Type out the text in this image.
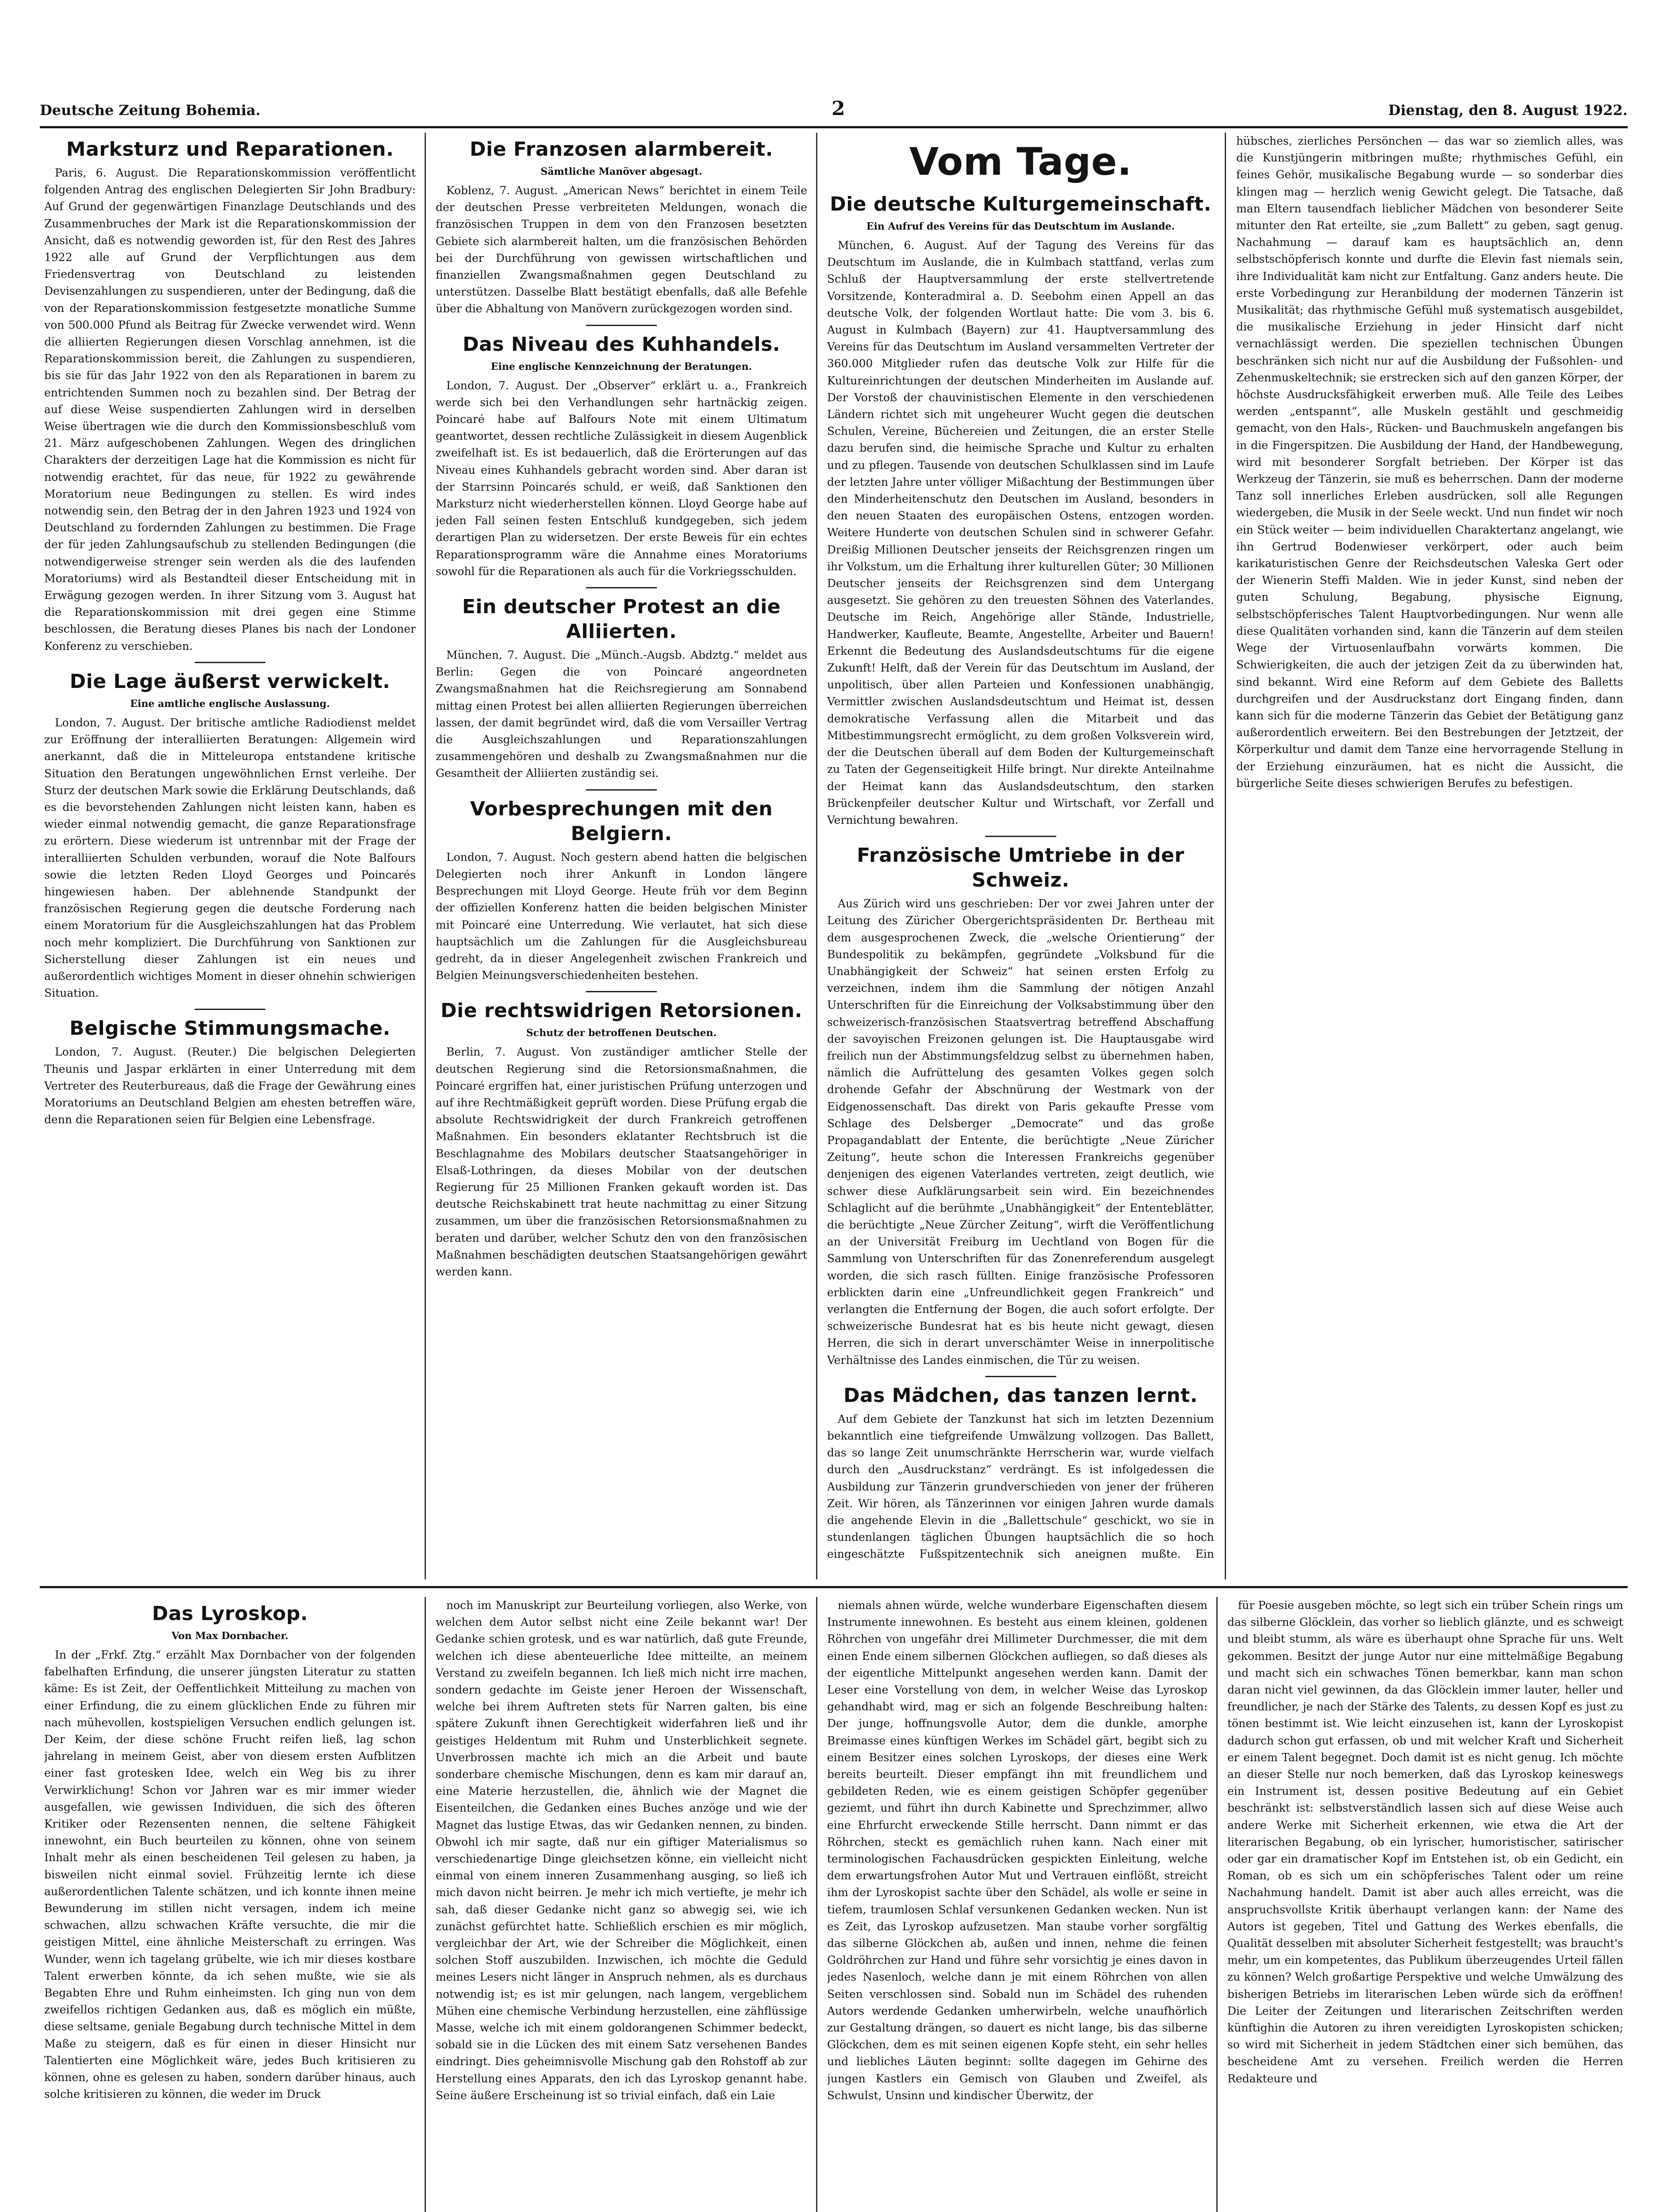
Deutsche Zeitung Bohemia.	2	Dienstag, den 8. August 1922.
Marksturz und Reparationen.

Paris, 6. August. Die Reparationskommission veröffentlicht folgenden Antrag des englischen Delegierten Sir John Bradbury: Auf Grund der gegenwärtigen Finanzlage Deutschlands und des Zusammenbruches der Mark ist die Reparationskommission der Ansicht, daß es notwendig geworden ist, für den Rest des Jahres 1922 alle auf Grund der Verpflichtungen aus dem Friedensvertrag von Deutschland zu leistenden Devisenzahlungen zu suspendieren, unter der Bedingung, daß die von der Reparationskommission festgesetzte monatliche Summe von 500.000 Pfund als Beitrag für Zwecke verwendet wird. Wenn die alliierten Regierungen diesen Vorschlag annehmen, ist die Reparationskommission bereit, die Zahlungen zu suspendieren, bis sie für das Jahr 1922 von den als Reparationen in barem zu entrichtenden Summen noch zu bezahlen sind. Der Betrag der auf diese Weise suspendierten Zahlungen wird in derselben Weise übertragen wie die durch den Kommissionsbeschluß vom 21. März aufgeschobenen Zahlungen. Wegen des dringlichen Charakters der derzeitigen Lage hat die Kommission es nicht für notwendig erachtet, für das neue, für 1922 zu gewährende Moratorium neue Bedingungen zu stellen. Es wird indes notwendig sein, den Betrag der in den Jahren 1923 und 1924 von Deutschland zu fordernden Zahlungen zu bestimmen. Die Frage der für jeden Zahlungsaufschub zu stellenden Bedingungen (die notwendigerweise strenger sein werden als die des laufenden Moratoriums) wird als Bestandteil dieser Entscheidung mit in Erwägung gezogen werden. In ihrer Sitzung vom 3. August hat die Reparationskommission mit drei gegen eine Stimme beschlossen, die Beratung dieses Planes bis nach der Londoner Konferenz zu verschieben.

Die Lage äußerst verwickelt.
Eine amtliche englische Auslassung.

London, 7. August. Der britische amtliche Radiodienst meldet zur Eröffnung der interalliierten Beratungen: Allgemein wird anerkannt, daß die in Mitteleuropa entstandene kritische Situation den Beratungen ungewöhnlichen Ernst verleihe. Der Sturz der deutschen Mark sowie die Erklärung Deutschlands, daß es die bevorstehenden Zahlungen nicht leisten kann, haben es wieder einmal notwendig gemacht, die ganze Reparationsfrage zu erörtern. Diese wiederum ist untrennbar mit der Frage der interalliierten Schulden verbunden, worauf die Note Balfours sowie die letzten Reden Lloyd Georges und Poincarés hingewiesen haben. Der ablehnende Standpunkt der französischen Regierung gegen die deutsche Forderung nach einem Moratorium für die Ausgleichszahlungen hat das Problem noch mehr kompliziert. Die Durchführung von Sanktionen zur Sicherstellung dieser Zahlungen ist ein neues und außerordentlich wichtiges Moment in dieser ohnehin schwierigen Situation.

Belgische Stimmungsmache.

London, 7. August. (Reuter.) Die belgischen Delegierten Theunis und Jaspar erklärten in einer Unterredung mit dem Vertreter des Reuterbureaus, daß die Frage der Gewährung eines Moratoriums an Deutschland Belgien am ehesten betreffen wäre, denn die Reparationen seien für Belgien eine Lebensfrage.

Die Franzosen alarmbereit.
Sämtliche Manöver abgesagt.

Koblenz, 7. August. „American News“ berichtet in einem Teile der deutschen Presse verbreiteten Meldungen, wonach die französischen Truppen in dem von den Franzosen besetzten Gebiete sich alarmbereit halten, um die französischen Behörden bei der Durchführung von gewissen wirtschaftlichen und finanziellen Zwangsmaßnahmen gegen Deutschland zu unterstützen. Dasselbe Blatt bestätigt ebenfalls, daß alle Befehle über die Abhaltung von Manövern zurückgezogen worden sind.

Das Niveau des Kuhhandels.
Eine englische Kennzeichnung der Beratungen.

London, 7. August. Der „Observer“ erklärt u. a., Frankreich werde sich bei den Verhandlungen sehr hartnäckig zeigen. Poincaré habe auf Balfours Note mit einem Ultimatum geantwortet, dessen rechtliche Zulässigkeit in diesem Augenblick zweifelhaft ist. Es ist bedauerlich, daß die Erörterungen auf das Niveau eines Kuhhandels gebracht worden sind. Aber daran ist der Starrsinn Poincarés schuld, er weiß, daß Sanktionen den Marksturz nicht wiederherstellen können. Lloyd George habe auf jeden Fall seinen festen Entschluß kundgegeben, sich jedem derartigen Plan zu widersetzen. Der erste Beweis für ein echtes Reparationsprogramm wäre die Annahme eines Moratoriums sowohl für die Reparationen als auch für die Vorkriegsschulden.

Ein deutscher Protest an die Alliierten.

München, 7. August. Die „Münch.-Augsb. Abdztg.“ meldet aus Berlin: Gegen die von Poincaré angeordneten Zwangsmaßnahmen hat die Reichsregierung am Sonnabend mittag einen Protest bei allen alliierten Regierungen überreichen lassen, der damit begründet wird, daß die vom Versailler Vertrag die Ausgleichszahlungen und Reparationszahlungen zusammengehören und deshalb zu Zwangsmaßnahmen nur die Gesamtheit der Alliierten zuständig sei.

Vorbesprechungen mit den Belgiern.

London, 7. August. Noch gestern abend hatten die belgischen Delegierten noch ihrer Ankunft in London längere Besprechungen mit Lloyd George. Heute früh vor dem Beginn der offiziellen Konferenz hatten die beiden belgischen Minister mit Poincaré eine Unterredung. Wie verlautet, hat sich diese hauptsächlich um die Zahlungen für die Ausgleichsbureau gedreht, da in dieser Angelegenheit zwischen Frankreich und Belgien Meinungsverschiedenheiten bestehen.

Die rechtswidrigen Retorsionen.
Schutz der betroffenen Deutschen.

Berlin, 7. August. Von zuständiger amtlicher Stelle der deutschen Regierung sind die Retorsionsmaßnahmen, die Poincaré ergriffen hat, einer juristischen Prüfung unterzogen und auf ihre Rechtmäßigkeit geprüft worden. Diese Prüfung ergab die absolute Rechtswidrigkeit der durch Frankreich getroffenen Maßnahmen. Ein besonders eklatanter Rechtsbruch ist die Beschlagnahme des Mobilars deutscher Staatsangehöriger in Elsaß-Lothringen, da dieses Mobilar von der deutschen Regierung für 25 Millionen Franken gekauft worden ist. Das deutsche Reichskabinett trat heute nachmittag zu einer Sitzung zusammen, um über die französischen Retorsionsmaßnahmen zu beraten und darüber, welcher Schutz den von den französischen Maßnahmen beschädigten deutschen Staatsangehörigen gewährt werden kann.

Vom Tage.
Die deutsche Kulturgemeinschaft.
Ein Aufruf des Vereins für das Deutschtum im Auslande.

München, 6. August. Auf der Tagung des Vereins für das Deutschtum im Auslande, die in Kulmbach stattfand, verlas zum Schluß der Hauptversammlung der erste stellvertretende Vorsitzende, Konteradmiral a. D. Seebohm einen Appell an das deutsche Volk, der folgenden Wortlaut hatte: Die vom 3. bis 6. August in Kulmbach (Bayern) zur 41. Hauptversammlung des Vereins für das Deutschtum im Ausland versammelten Vertreter der 360.000 Mitglieder rufen das deutsche Volk zur Hilfe für die Kultureinrichtungen der deutschen Minderheiten im Auslande auf. Der Vorstoß der chauvinistischen Elemente in den verschiedenen Ländern richtet sich mit ungeheurer Wucht gegen die deutschen Schulen, Vereine, Büchereien und Zeitungen, die an erster Stelle dazu berufen sind, die heimische Sprache und Kultur zu erhalten und zu pflegen. Tausende von deutschen Schulklassen sind im Laufe der letzten Jahre unter völliger Mißachtung der Bestimmungen über den Minderheitenschutz den Deutschen im Ausland, besonders in den neuen Staaten des europäischen Ostens, entzogen worden. Weitere Hunderte von deutschen Schulen sind in schwerer Gefahr. Dreißig Millionen Deutscher jenseits der Reichsgrenzen ringen um ihr Volkstum, um die Erhaltung ihrer kulturellen Güter; 30 Millionen Deutscher jenseits der Reichsgrenzen sind dem Untergang ausgesetzt. Sie gehören zu den treuesten Söhnen des Vaterlandes. Deutsche im Reich, Angehörige aller Stände, Industrielle, Handwerker, Kaufleute, Beamte, Angestellte, Arbeiter und Bauern! Erkennt die Bedeutung des Auslandsdeutschtums für die eigene Zukunft! Helft, daß der Verein für das Deutschtum im Ausland, der unpolitisch, über allen Parteien und Konfessionen unabhängig, Vermittler zwischen Auslandsdeutschtum und Heimat ist, dessen demokratische Verfassung allen die Mitarbeit und das Mitbestimmungsrecht ermöglicht, zu dem großen Volksverein wird, der die Deutschen überall auf dem Boden der Kulturgemeinschaft zu Taten der Gegenseitigkeit Hilfe bringt. Nur direkte Anteilnahme der Heimat kann das Auslandsdeutschtum, den starken Brückenpfeiler deutscher Kultur und Wirtschaft, vor Zerfall und Vernichtung bewahren.

Französische Umtriebe in der Schweiz.

Aus Zürich wird uns geschrieben: Der vor zwei Jahren unter der Leitung des Züricher Obergerichtspräsidenten Dr. Bertheau mit dem ausgesprochenen Zweck, die „welsche Orientierung“ der Bundespolitik zu bekämpfen, gegründete „Volksbund für die Unabhängigkeit der Schweiz“ hat seinen ersten Erfolg zu verzeichnen, indem ihm die Sammlung der nötigen Anzahl Unterschriften für die Einreichung der Volksabstimmung über den schweizerisch-französischen Staatsvertrag betreffend Abschaffung der savoyischen Freizonen gelungen ist. Die Hauptausgabe wird freilich nun der Abstimmungsfeldzug selbst zu übernehmen haben, nämlich die Aufrüttelung des gesamten Volkes gegen solch drohende Gefahr der Abschnürung der Westmark von der Eidgenossenschaft. Das direkt von Paris gekaufte Presse vom Schlage des Delsberger „Democrate“ und das große Propagandablatt der Entente, die berüchtigte „Neue Züricher Zeitung“, heute schon die Interessen Frankreichs gegenüber denjenigen des eigenen Vaterlandes vertreten, zeigt deutlich, wie schwer diese Aufklärungsarbeit sein wird. Ein bezeichnendes Schlaglicht auf die berühmte „Unabhängigkeit“ der Ententeblätter, die berüchtigte „Neue Zürcher Zeitung“, wirft die Veröffentlichung an der Universität Freiburg im Uechtland von Bogen für die Sammlung von Unterschriften für das Zonenreferendum ausgelegt worden, die sich rasch füllten. Einige französische Professoren erblickten darin eine „Unfreundlichkeit gegen Frankreich“ und verlangten die Entfernung der Bogen, die auch sofort erfolgte. Der schweizerische Bundesrat hat es bis heute nicht gewagt, diesen Herren, die sich in derart unverschämter Weise in innerpolitische Verhältnisse des Landes einmischen, die Tür zu weisen.

Das Mädchen, das tanzen lernt.

Auf dem Gebiete der Tanzkunst hat sich im letzten Dezennium bekanntlich eine tiefgreifende Umwälzung vollzogen. Das Ballett, das so lange Zeit unumschränkte Herrscherin war, wurde vielfach durch den „Ausdruckstanz“ verdrängt. Es ist infolgedessen die Ausbildung zur Tänzerin grundverschieden von jener der früheren Zeit. Wir hören, als Tänzerinnen vor einigen Jahren wurde damals die angehende Elevin in die „Ballettschule“ geschickt, wo sie in stundenlangen täglichen Übungen hauptsächlich die so hoch eingeschätzte Fußspitzentechnik sich aneignen mußte. Ein hübsches, zierliches Persönchen — das war so ziemlich alles, was die Kunstjüngerin mitbringen mußte; rhythmisches Gefühl, ein feines Gehör, musikalische Begabung wurde — so sonderbar dies klingen mag — herzlich wenig Gewicht gelegt. Die Tatsache, daß man Eltern tausendfach lieblicher Mädchen von besonderer Seite mitunter den Rat erteilte, sie „zum Ballett“ zu geben, sagt genug. Nachahmung — darauf kam es hauptsächlich an, denn selbstschöpferisch konnte und durfte die Elevin fast niemals sein, ihre Individualität kam nicht zur Entfaltung. Ganz anders heute. Die erste Vorbedingung zur Heranbildung der modernen Tänzerin ist Musikalität; das rhythmische Gefühl muß systematisch ausgebildet, die musikalische Erziehung in jeder Hinsicht darf nicht vernachlässigt werden. Die speziellen technischen Übungen beschränken sich nicht nur auf die Ausbildung der Fußsohlen- und Zehenmuskeltechnik; sie erstrecken sich auf den ganzen Körper, der höchste Ausdrucksfähigkeit erwerben muß. Alle Teile des Leibes werden „entspannt“, alle Muskeln gestählt und geschmeidig gemacht, von den Hals-, Rücken- und Bauchmuskeln angefangen bis in die Fingerspitzen. Die Ausbildung der Hand, der Handbewegung, wird mit besonderer Sorgfalt betrieben. Der Körper ist das Werkzeug der Tänzerin, sie muß es beherrschen. Dann der moderne Tanz soll innerliches Erleben ausdrücken, soll alle Regungen wiedergeben, die Musik in der Seele weckt. Und nun findet wir noch ein Stück weiter — beim individuellen Charaktertanz angelangt, wie ihn Gertrud Bodenwieser verkörpert, oder auch beim karikaturistischen Genre der Reichsdeutschen Valeska Gert oder der Wienerin Steffi Malden. Wie in jeder Kunst, sind neben der guten Schulung, Begabung, physische Eignung, selbstschöpferisches Talent Hauptvorbedingungen. Nur wenn alle diese Qualitäten vorhanden sind, kann die Tänzerin auf dem steilen Wege der Virtuosenlaufbahn vorwärts kommen. Die Schwierigkeiten, die auch der jetzigen Zeit da zu überwinden hat, sind bekannt. Wird eine Reform auf dem Gebiete des Balletts durchgreifen und der Ausdruckstanz dort Eingang finden, dann kann sich für die moderne Tänzerin das Gebiet der Betätigung ganz außerordentlich erweitern. Bei den Bestrebungen der Jetztzeit, der Körperkultur und damit dem Tanze eine hervorragende Stellung in der Erziehung einzuräumen, hat es nicht die Aussicht, die bürgerliche Seite dieses schwierigen Berufes zu befestigen.

Das Lyroskop.
Von Max Dornbacher.

In der „Frkf. Ztg.“ erzählt Max Dornbacher von der folgenden fabelhaften Erfindung, die unserer jüngsten Literatur zu statten käme: Es ist Zeit, der Oeffentlichkeit Mitteilung zu machen von einer Erfindung, die zu einem glücklichen Ende zu führen mir nach mühevollen, kostspieligen Versuchen endlich gelungen ist. Der Keim, der diese schöne Frucht reifen ließ, lag schon jahrelang in meinem Geist, aber von diesem ersten Aufblitzen einer fast grotesken Idee, welch ein Weg bis zu ihrer Verwirklichung! Schon vor Jahren war es mir immer wieder ausgefallen, wie gewissen Individuen, die sich des öfteren Kritiker oder Rezensenten nennen, die seltene Fähigkeit innewohnt, ein Buch beurteilen zu können, ohne von seinem Inhalt mehr als einen bescheidenen Teil gelesen zu haben, ja bisweilen nicht einmal soviel. Frühzeitig lernte ich diese außerordentlichen Talente schätzen, und ich konnte ihnen meine Bewunderung im stillen nicht versagen, indem ich meine schwachen, allzu schwachen Kräfte versuchte, die mir die geistigen Mittel, eine ähnliche Meisterschaft zu erringen. Was Wunder, wenn ich tagelang grübelte, wie ich mir dieses kostbare Talent erwerben könnte, da ich sehen mußte, wie sie als Begabten Ehre und Ruhm einheimsten. Ich ging nun von dem zweifellos richtigen Gedanken aus, daß es möglich ein müßte, diese seltsame, geniale Begabung durch technische Mittel in dem Maße zu steigern, daß es für einen in dieser Hinsicht nur Talentierten eine Möglichkeit wäre, jedes Buch kritisieren zu können, ohne es gelesen zu haben, sondern darüber hinaus, auch solche kritisieren zu können, die weder im Druck

noch im Manuskript zur Beurteilung vorliegen, also Werke, von welchen dem Autor selbst nicht eine Zeile bekannt war! Der Gedanke schien grotesk, und es war natürlich, daß gute Freunde, welchen ich diese abenteuerliche Idee mitteilte, an meinem Verstand zu zweifeln begannen. Ich ließ mich nicht irre machen, sondern gedachte im Geiste jener Heroen der Wissenschaft, welche bei ihrem Auftreten stets für Narren galten, bis eine spätere Zukunft ihnen Gerechtigkeit widerfahren ließ und ihr geistiges Heldentum mit Ruhm und Unsterblichkeit segnete. Unverbrossen machte ich mich an die Arbeit und baute sonderbare chemische Mischungen, denn es kam mir darauf an, eine Materie herzustellen, die, ähnlich wie der Magnet die Eisenteilchen, die Gedanken eines Buches anzöge und wie der Magnet das lustige Etwas, das wir Gedanken nennen, zu binden. Obwohl ich mir sagte, daß nur ein giftiger Materialismus so verschiedenartige Dinge gleichsetzen könne, ein vielleicht nicht einmal von einem inneren Zusammenhang ausging, so ließ ich mich davon nicht beirren. Je mehr ich mich vertiefte, je mehr ich sah, daß dieser Gedanke nicht ganz so abwegig sei, wie ich zunächst gefürchtet hatte. Schließlich erschien es mir möglich, vergleichbar der Art, wie der Schreiber die Möglichkeit, einen solchen Stoff auszubilden. Inzwischen, ich möchte die Geduld meines Lesers nicht länger in Anspruch nehmen, als es durchaus notwendig ist; es ist mir gelungen, nach langem, vergeblichem Mühen eine chemische Verbindung herzustellen, eine zähflüssige Masse, welche ich mit einem goldorangenen Schimmer bedeckt, sobald sie in die Lücken des mit einem Satz versehenen Bandes eindringt. Dies geheimnisvolle Mischung gab den Rohstoff ab zur Herstellung eines Apparats, den ich das Lyroskop genannt habe. Seine äußere Erscheinung ist so trivial einfach, daß ein Laie

niemals ahnen würde, welche wunderbare Eigenschaften diesem Instrumente innewohnen. Es besteht aus einem kleinen, goldenen Röhrchen von ungefähr drei Millimeter Durchmesser, die mit dem einen Ende einem silbernen Glöckchen aufliegen, so daß dieses als der eigentliche Mittelpunkt angesehen werden kann. Damit der Leser eine Vorstellung von dem, in welcher Weise das Lyroskop gehandhabt wird, mag er sich an folgende Beschreibung halten: Der junge, hoffnungsvolle Autor, dem die dunkle, amorphe Breimasse eines künftigen Werkes im Schädel gärt, begibt sich zu einem Besitzer eines solchen Lyroskops, der dieses eine Werk bereits beurteilt. Dieser empfängt ihn mit freundlichem und gebildeten Reden, wie es einem geistigen Schöpfer gegenüber geziemt, und führt ihn durch Kabinette und Sprechzimmer, allwo eine Ehrfurcht erweckende Stille herrscht. Dann nimmt er das Röhrchen, steckt es gemächlich ruhen kann. Nach einer mit terminologischen Fachausdrücken gespickten Einleitung, welche dem erwartungsfrohen Autor Mut und Vertrauen einflößt, streicht ihm der Lyroskopist sachte über den Schädel, als wolle er seine in tiefem, traumlosen Schlaf versunkenen Gedanken wecken. Nun ist es Zeit, das Lyroskop aufzusetzen. Man staube vorher sorgfältig das silberne Glöckchen ab, außen und innen, nehme die feinen Goldröhrchen zur Hand und führe sehr vorsichtig je eines davon in jedes Nasenloch, welche dann je mit einem Röhrchen von allen Seiten verschlossen sind. Sobald nun im Schädel des ruhenden Autors werdende Gedanken umherwirbeln, welche unaufhörlich zur Gestaltung drängen, so dauert es nicht lange, bis das silberne Glöckchen, dem es mit seinen eigenen Kopfe steht, ein sehr helles und liebliches Läuten beginnt: sollte dagegen im Gehirne des jungen Kastlers ein Gemisch von Glauben und Zweifel, als Schwulst, Unsinn und kindischer Überwitz, der

für Poesie ausgeben möchte, so legt sich ein trüber Schein rings um das silberne Glöcklein, das vorher so lieblich glänzte, und es schweigt und bleibt stumm, als wäre es überhaupt ohne Sprache für uns. Welt gekommen. Besitzt der junge Autor nur eine mittelmäßige Begabung und macht sich ein schwaches Tönen bemerkbar, kann man schon daran nicht viel gewinnen, da das Glöcklein immer lauter, heller und freundlicher, je nach der Stärke des Talents, zu dessen Kopf es just zu tönen bestimmt ist. Wie leicht einzusehen ist, kann der Lyroskopist dadurch schon gut erfassen, ob und mit welcher Kraft und Sicherheit er einem Talent begegnet. Doch damit ist es nicht genug. Ich möchte an dieser Stelle nur noch bemerken, daß das Lyroskop keineswegs ein Instrument ist, dessen positive Bedeutung auf ein Gebiet beschränkt ist: selbstverständlich lassen sich auf diese Weise auch andere Werke mit Sicherheit erkennen, wie etwa die Art der literarischen Begabung, ob ein lyrischer, humoristischer, satirischer oder gar ein dramatischer Kopf im Entstehen ist, ob ein Gedicht, ein Roman, ob es sich um ein schöpferisches Talent oder um reine Nachahmung handelt. Damit ist aber auch alles erreicht, was die anspruchsvollste Kritik überhaupt verlangen kann: der Name des Autors ist gegeben, Titel und Gattung des Werkes ebenfalls, die Qualität desselben mit absoluter Sicherheit festgestellt; was braucht's mehr, um ein kompetentes, das Publikum überzeugendes Urteil fällen zu können? Welch großartige Perspektive und welche Umwälzung des bisherigen Betriebs im literarischen Leben würde sich da eröffnen! Die Leiter der Zeitungen und literarischen Zeitschriften werden künftighin die Autoren zu ihren vereidigten Lyroskopisten schicken; so wird mit Sicherheit in jedem Städtchen einer sich bemühen, das bescheidene Amt zu versehen. Freilich werden die Herren Redakteure und
